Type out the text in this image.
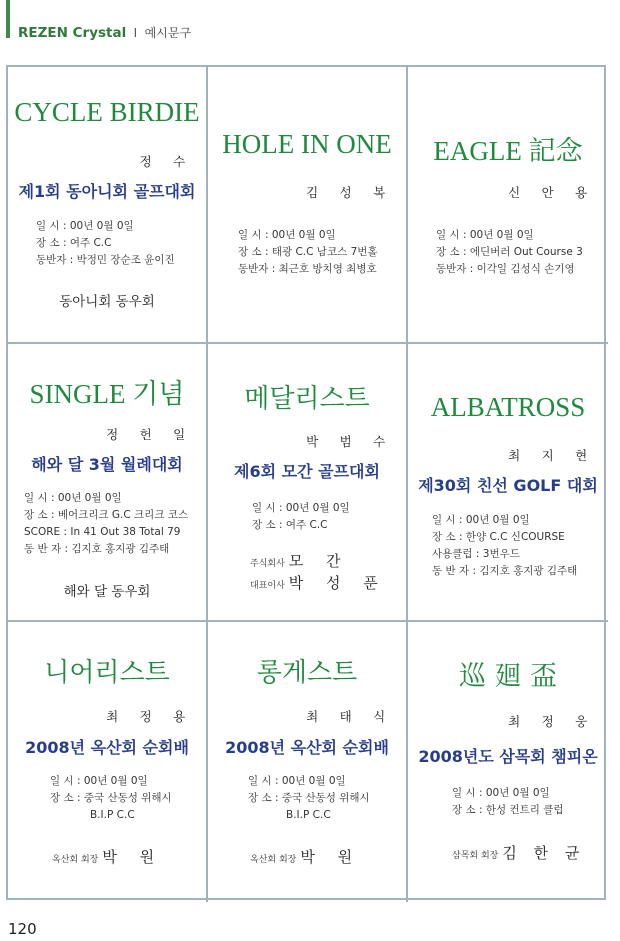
REZEN Crystal I 예시문구
CYCLE BIRDIE
정 수
제1회 동아니회 골프대회
일 시 : 00년 0월 0일
장 소 : 여주 C.C
동반자 : 박정민 장순조 윤이진
동아니회 동우회
HOLE IN ONE
김 성 복
일 시 : 00년 0월 0일
장 소 : 태광 C.C 남코스 7번홀
동반자 : 최근호 방치영 최병호
EAGLE 記念
신 안 용
일 시 : 00년 0월 0일
장 소 : 에딘버러 Out Course 3
동반자 : 이각일 김성식 손기영
SINGLE 기념
정 헌 일
해와 달 3월 월례대회
일 시 : 00년 0월 0일
장 소 : 베어크리크 G.C 크리크 코스
SCORE : In 41 Out 38 Total 79
동 반 자 : 김지호 홍지광 김주태
해와 달 동우회
메달리스트
박 범 수
제6회 모간 골프대회
일 시 : 00년 0월 0일
장 소 : 여주 C.C
주식회사 모 간
대표이사 박 성 푼
ALBATROSS
최 지 현
제30회 친선 GOLF 대회
일 시 : 00년 0월 0일
장 소 : 한양 C.C 신COURSE
사용클럽 : 3번우드
동 반 자 : 김지호 홍지광 김주태
니어리스트
최 정 용
2008년 옥산회 순회배
일 시 : 00년 0월 0일
장 소 : 중국 산동성 위해시
B.I.P C.C
옥산회 회장 박 원
롱게스트
최 태 식
2008년 옥산회 순회배
일 시 : 00년 0월 0일
장 소 : 중국 산동성 위해시
B.I.P C.C
옥산회 회장 박 원
巡 廻 盃
최 정 웅
2008년도 삼목회 챔피온
일 시 : 00년 0월 0일
장 소 : 한성 컨트리 클럽
삼목회 회장 김 한 균
120
